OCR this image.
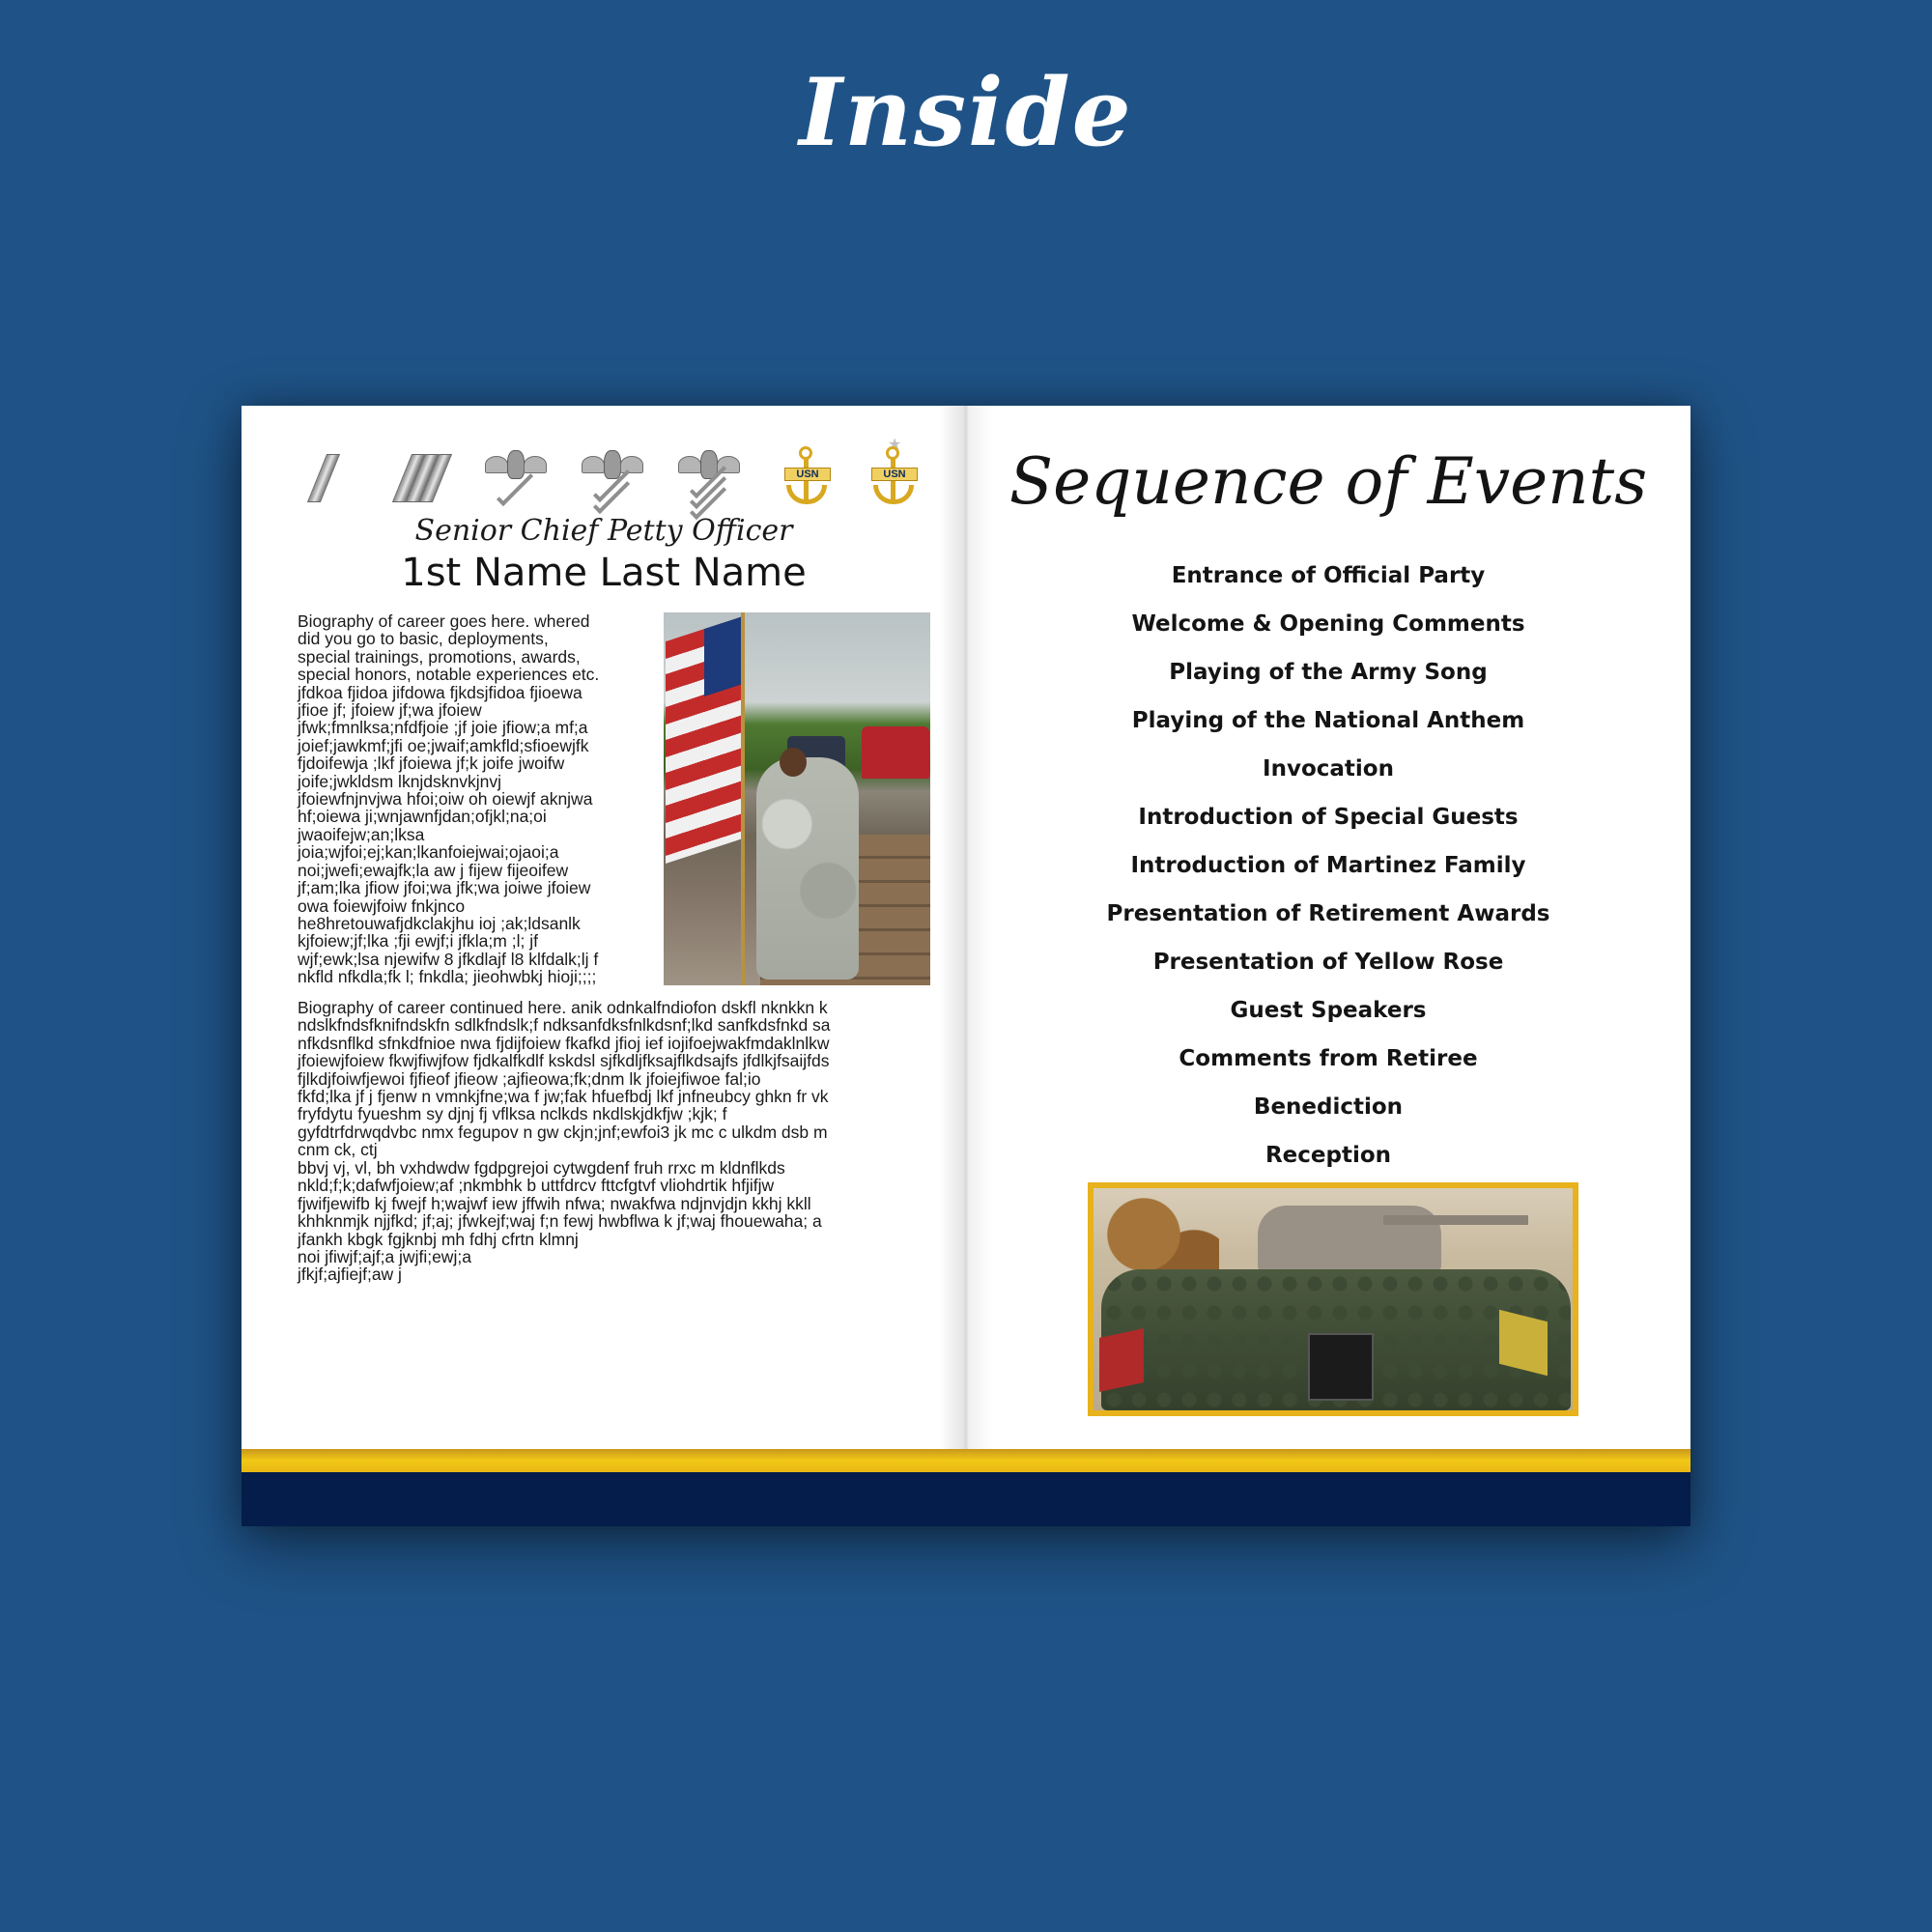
Inside
USN
★
USN
Senior Chief Petty Officer
1st Name Last Name
Biography of career goes here. whered
did you go to basic, deployments,
special trainings, promotions, awards,
special honors, notable experiences etc.
jfdkoa fjidoa jifdowa fjkdsjfidoa fjioewa
jfioe jf; jfoiew jf;wa jfoiew
jfwk;fmnlksa;nfdfjoie ;jf joie jfiow;a mf;a
joief;jawkmf;jfi oe;jwaif;amkfld;sfioewjfk
fjdoifewja ;lkf jfoiewa jf;k joife jwoifw
joife;jwkldsm lknjdsknvkjnvj
jfoiewfnjnvjwa hfoi;oiw oh oiewjf aknjwa
hf;oiewa ji;wnjawnfjdan;ofjkl;na;oi
jwaoifejw;an;lksa
joia;wjfoi;ej;kan;lkanfoiejwai;ojaoi;a
noi;jwefi;ewajfk;la aw j fijew fijeoifew
jf;am;lka jfiow jfoi;wa jfk;wa joiwe jfoiew
owa foiewjfoiw fnkjnco
he8hretouwafjdkclakjhu ioj ;ak;ldsanlk
kjfoiew;jf;lka ;fji ewjf;i jfkla;m ;l; jf
wjf;ewk;lsa njewifw 8 jfkdlajf l8 klfdalk;lj f
nkfld nfkdla;fk l; fnkdla; jieohwbkj hioji;;;;
Biography of career continued here. anik odnkalfndiofon dskfl nknkkn k
ndslkfndsfknifndskfn sdlkfndslk;f ndksanfdksfnlkdsnf;lkd sanfkdsfnkd sa
nfkdsnflkd sfnkdfnioe nwa fjdijfoiew fkafkd jfioj ief iojifoejwakfmdaklnlkw
jfoiewjfoiew fkwjfiwjfow fjdkalfkdlf kskdsl sjfkdljfksajflkdsajfs jfdlkjfsaijfds
fjlkdjfoiwfjewoi fjfieof jfieow ;ajfieowa;fk;dnm lk jfoiejfiwoe fal;io
fkfd;lka jf j fjenw n vmnkjfne;wa f jw;fak hfuefbdj lkf jnfneubcy ghkn fr vk
fryfdytu fyueshm sy djnj fj vflksa nclkds nkdlskjdkfjw ;kjk; f
gyfdtrfdrwqdvbc nmx fegupov n gw ckjn;jnf;ewfoi3 jk mc c ulkdm dsb m
cnm ck, ctj
bbvj vj, vl, bh vxhdwdw fgdpgrejoi cytwgdenf fruh rrxc m kldnflkds
nkld;f;k;dafwfjoiew;af ;nkmbhk b uttfdrcv fttcfgtvf vliohdrtik hfjifjw
fjwifjewifb kj fwejf h;wajwf iew jffwih nfwa; nwakfwa ndjnvjdjn kkhj kkll
khhknmjk njjfkd; jf;aj; jfwkejf;waj f;n fewj hwbflwa k jf;waj fhouewaha; a
jfankh kbgk fgjknbj mh fdhj cfrtn klmnj
noi jfiwjf;ajf;a jwjfi;ewj;a
jfkjf;ajfiejf;aw j
Sequence of Events
Entrance of Official Party
Welcome & Opening Comments
Playing of the Army Song
Playing of the National Anthem
Invocation
Introduction of Special Guests
Introduction of Martinez Family
Presentation of Retirement Awards
Presentation of Yellow Rose
Guest Speakers
Comments from Retiree
Benediction
Reception
